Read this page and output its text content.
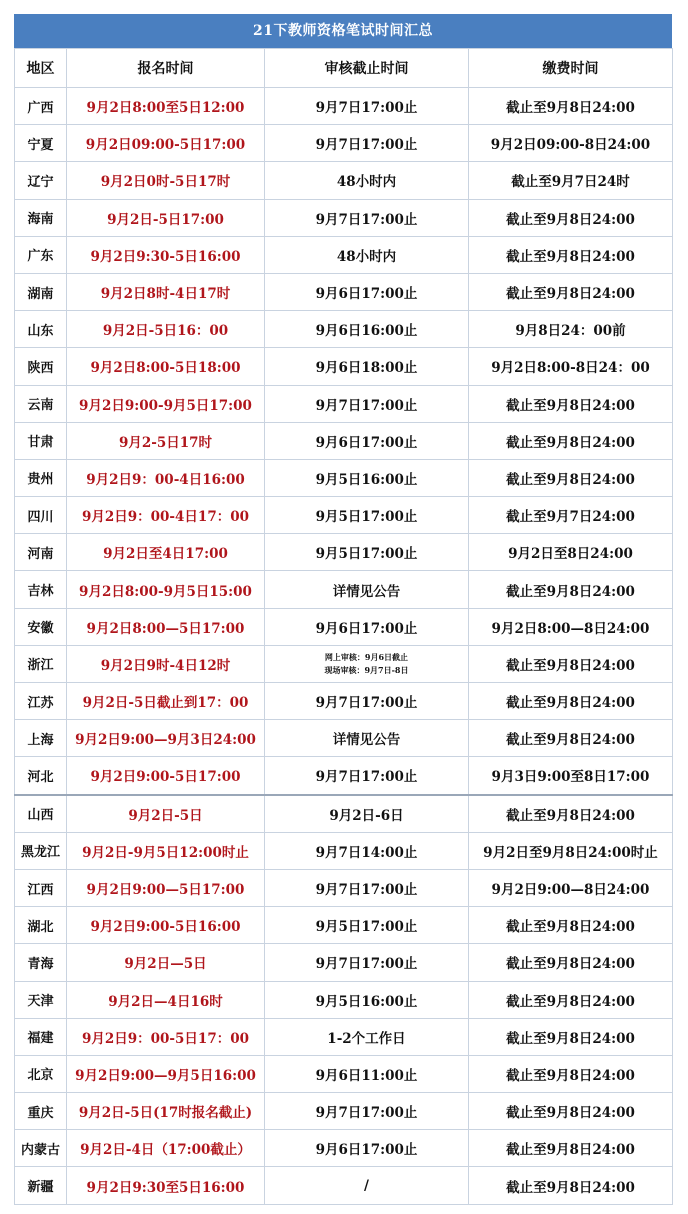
21下教师资格笔试时间汇总
地区	报名时间	审核截止时间	缴费时间
广西	9月2日8:00至5日12:00	9月7日17:00止	截止至9月8日24:00
宁夏	9月2日09:00-5日17:00	9月7日17:00止	9月2日09:00-8日24:00
辽宁	9月2日0时-5日17时	48小时内	截止至9月7日24时
海南	9月2日-5日17:00	9月7日17:00止	截止至9月8日24:00
广东	9月2日9:30-5日16:00	48小时内	截止至9月8日24:00
湖南	9月2日8时-4日17时	9月6日17:00止	截止至9月8日24:00
山东	9月2日-5日16：00	9月6日16:00止	9月8日24：00前
陕西	9月2日8:00-5日18:00	9月6日18:00止	9月2日8:00-8日24：00
云南	9月2日9:00-9月5日17:00	9月7日17:00止	截止至9月8日24:00
甘肃	9月2-5日17时	9月6日17:00止	截止至9月8日24:00
贵州	9月2日9：00-4日16:00	9月5日16:00止	截止至9月8日24:00
四川	9月2日9：00-4日17：00	9月5日17:00止	截止至9月7日24:00
河南	9月2日至4日17:00	9月5日17:00止	9月2日至8日24:00
吉林	9月2日8:00-9月5日15:00	详情见公告	截止至9月8日24:00
安徽	9月2日8:00—5日17:00	9月6日17:00止	9月2日8:00—8日24:00
浙江	9月2日9时-4日12时	网上审核：9月6日截止
现场审核：9月7日-8日	截止至9月8日24:00
江苏	9月2日-5日截止到17：00	9月7日17:00止	截止至9月8日24:00
上海	9月2日9:00—9月3日24:00	详情见公告	截止至9月8日24:00
河北	9月2日9:00-5日17:00	9月7日17:00止	9月3日9:00至8日17:00
山西	9月2日-5日	9月2日-6日	截止至9月8日24:00
黑龙江	9月2日-9月5日12:00时止	9月7日14:00止	9月2日至9月8日24:00时止
江西	9月2日9:00—5日17:00	9月7日17:00止	9月2日9:00—8日24:00
湖北	9月2日9:00-5日16:00	9月5日17:00止	截止至9月8日24:00
青海	9月2日—5日	9月7日17:00止	截止至9月8日24:00
天津	9月2日—4日16时	9月5日16:00止	截止至9月8日24:00
福建	9月2日9：00-5日17：00	1-2个工作日	截止至9月8日24:00
北京	9月2日9:00—9月5日16:00	9月6日11:00止	截止至9月8日24:00
重庆	9月2日-5日(17时报名截止)	9月7日17:00止	截止至9月8日24:00
内蒙古	9月2日-4日（17:00截止）	9月6日17:00止	截止至9月8日24:00
新疆	9月2日9:30至5日16:00	/	截止至9月8日24:00
